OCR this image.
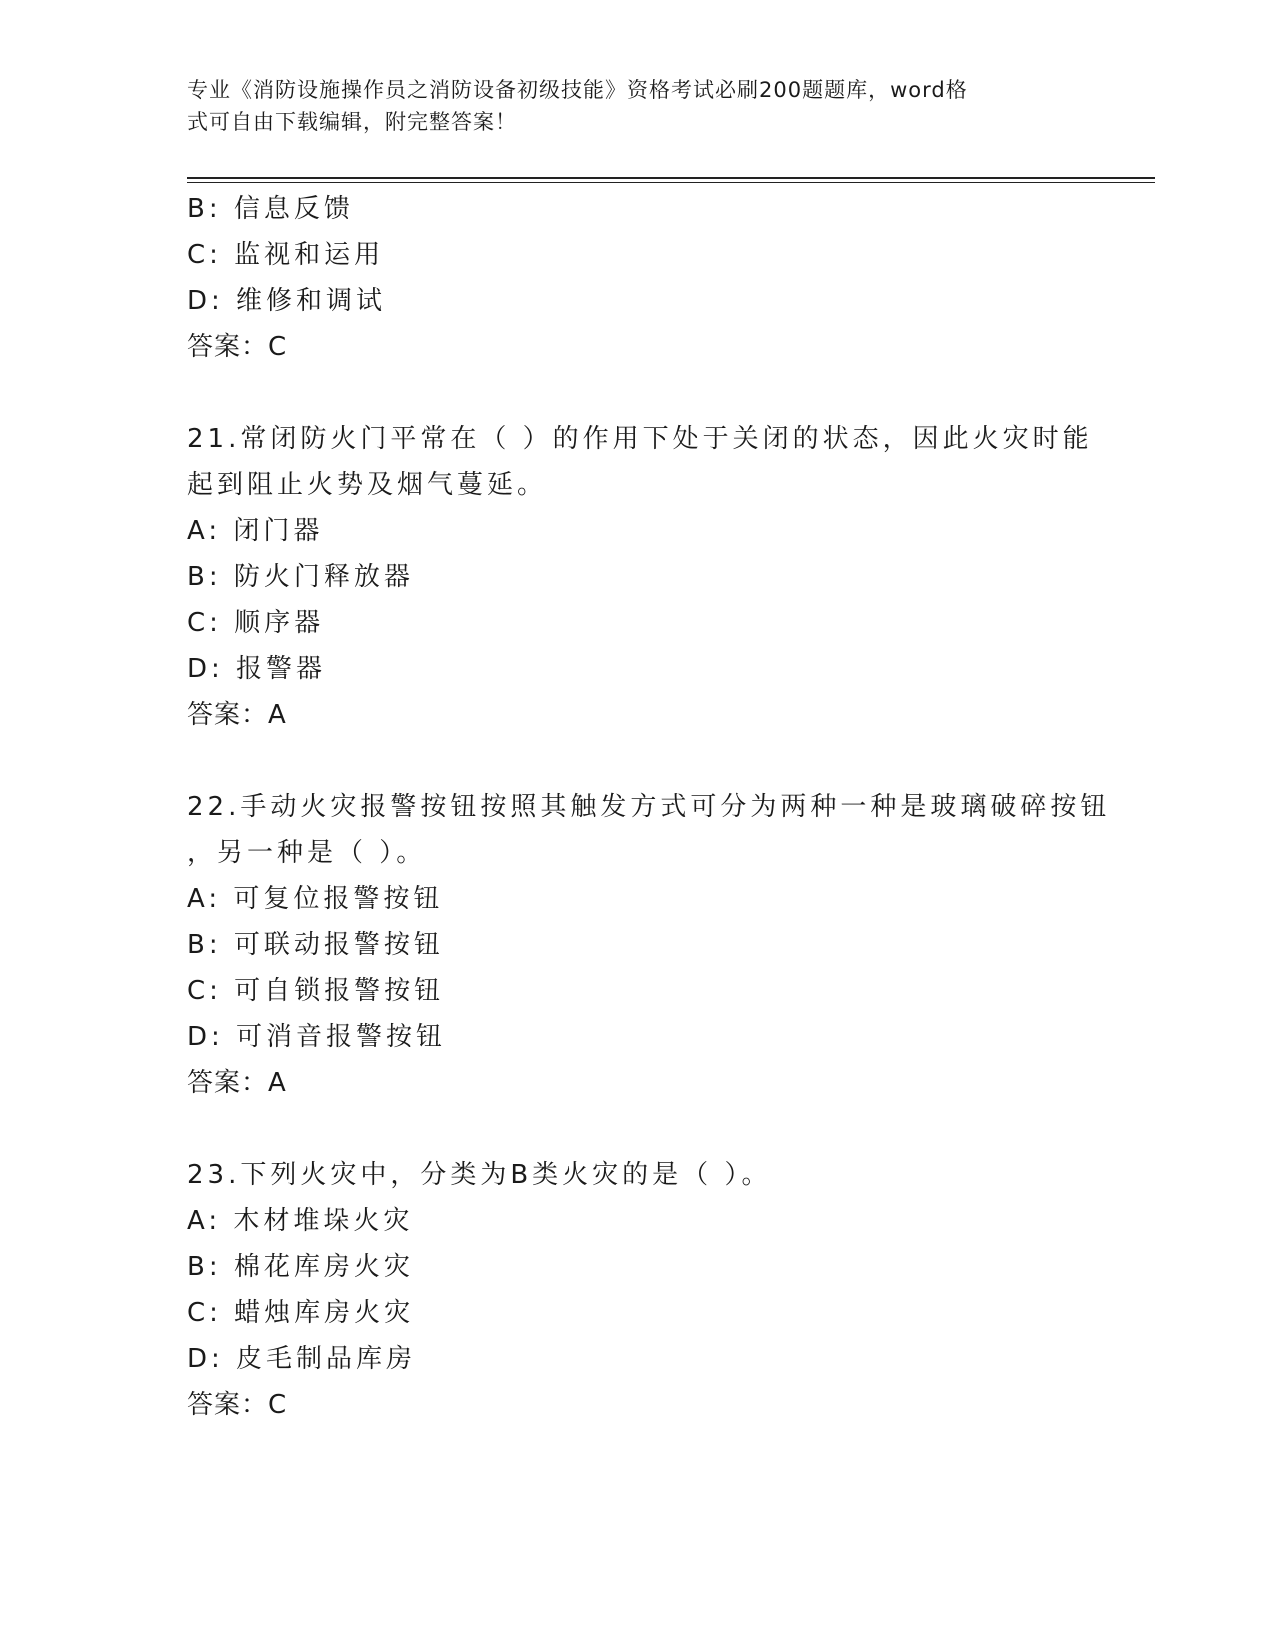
专业《消防设施操作员之消防设备初级技能》资格考试必刷200题题库，word格
式可自由下载编辑，附完整答案！
B: 信息反馈
C: 监视和运用
D: 维修和调试
答案：C
21.常闭防火门平常在（ ）的作用下处于关闭的状态，因此火灾时能
起到阻止火势及烟气蔓延。
A: 闭门器
B: 防火门释放器
C: 顺序器
D: 报警器
答案：A
22.手动火灾报警按钮按照其触发方式可分为两种一种是玻璃破碎按钮
，另一种是（ ）。
A: 可复位报警按钮
B: 可联动报警按钮
C: 可自锁报警按钮
D: 可消音报警按钮
答案：A
23.下列火灾中，分类为B类火灾的是（ ）。
A: 木材堆垛火灾
B: 棉花库房火灾
C: 蜡烛库房火灾
D: 皮毛制品库房
答案：C
